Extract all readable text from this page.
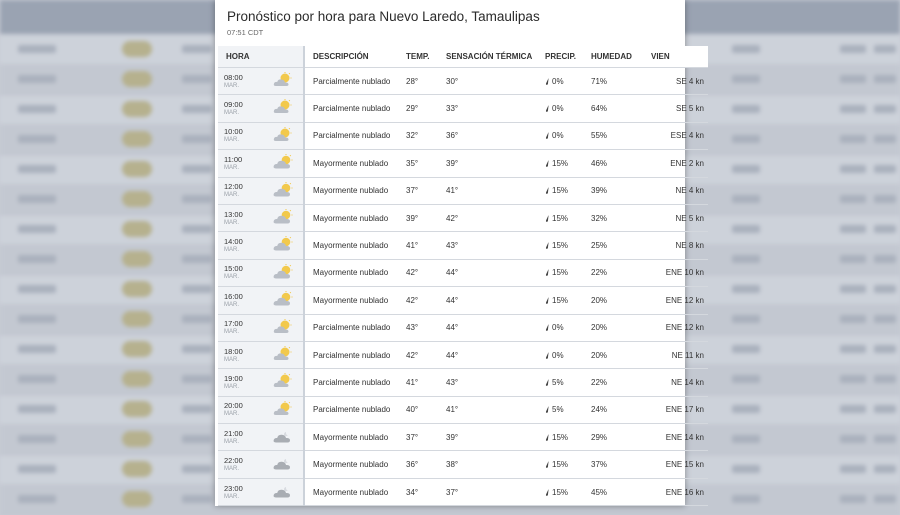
Pronóstico por hora para Nuevo Laredo, Tamaulipas
07:51 CDT
HORA	DESCRIPCIÓN	TEMP.	SENSACIÓN TÉRMICA	PRECIP.	HUMEDAD	VIEN

08:00
MAR.	Parcialmente nublado	28°	30°	0%	71%	SE 4 kn

09:00
MAR.	Parcialmente nublado	29°	33°	0%	64%	SE 5 kn

10:00
MAR.	Parcialmente nublado	32°	36°	0%	55%	ESE 4 kn

11:00
MAR.	Mayormente nublado	35°	39°	15%	46%	ENE 2 kn

12:00
MAR.	Mayormente nublado	37°	41°	15%	39%	NE 4 kn

13:00
MAR.	Mayormente nublado	39°	42°	15%	32%	NE 5 kn

14:00
MAR.	Mayormente nublado	41°	43°	15%	25%	NE 8 kn

15:00
MAR.	Mayormente nublado	42°	44°	15%	22%	ENE 10 kn

16:00
MAR.	Mayormente nublado	42°	44°	15%	20%	ENE 12 kn

17:00
MAR.	Parcialmente nublado	43°	44°	0%	20%	ENE 12 kn

18:00
MAR.	Parcialmente nublado	42°	44°	0%	20%	NE 11 kn

19:00
MAR.	Parcialmente nublado	41°	43°	5%	22%	NE 14 kn

20:00
MAR.	Parcialmente nublado	40°	41°	5%	24%	ENE 17 kn

21:00
MAR.	Mayormente nublado	37°	39°	15%	29%	ENE 14 kn

22:00
MAR.	Mayormente nublado	36°	38°	15%	37%	ENE 15 kn

23:00
MAR.	Mayormente nublado	34°	37°	15%	45%	ENE 16 kn
